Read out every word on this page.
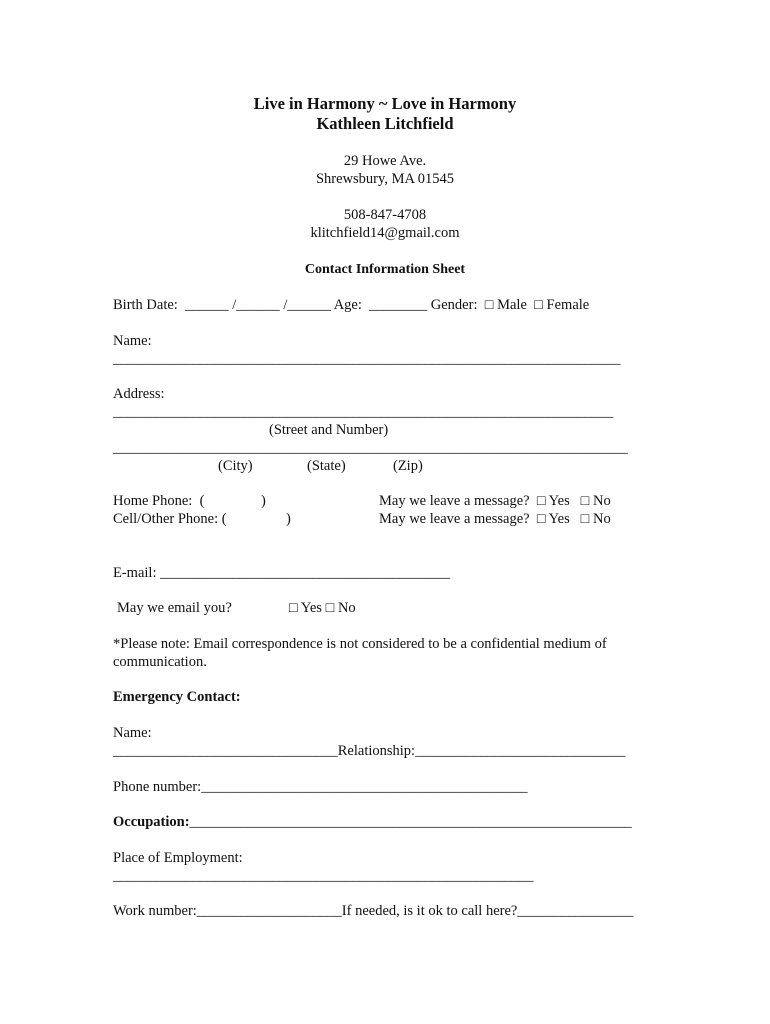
Live in Harmony ~ Love in Harmony
Kathleen Litchfield
29 Howe Ave.
Shrewsbury, MA 01545
508-847-4708
klitchfield14@gmail.com
Contact Information Sheet
Birth Date:  ______ /______ /______ Age:  ________ Gender:  □ Male  □ Female
Name:
______________________________________________________________________
Address:
_____________________________________________________________________
(Street and Number)
_______________________________________________________________________
(City)	(State)	(Zip)
Home Phone:  (	)	May we leave a message?  □ Yes   □ No
Cell/Other Phone: (	)	May we leave a message?  □ Yes   □ No
E-mail: ________________________________________
May we email you?	□ Yes □ No
*Please note: Email correspondence is not considered to be a confidential medium of
communication.
Emergency Contact:
Name:
_______________________________Relationship:_____________________________
Phone number:_____________________________________________
Occupation:_____________________________________________________________
Place of Employment:
__________________________________________________________
Work number:____________________If needed, is it ok to call here?________________
